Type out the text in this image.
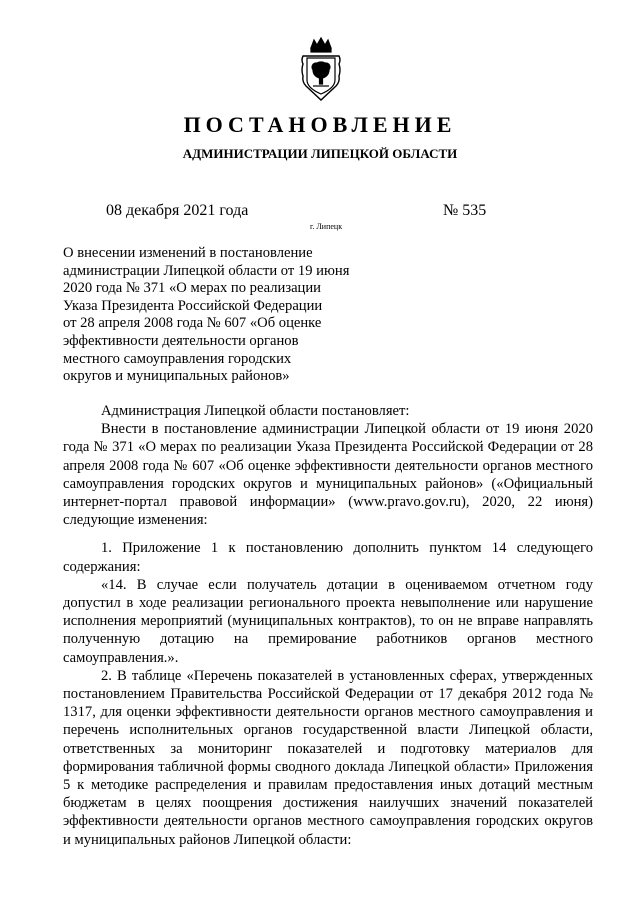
ПОСТАНОВЛЕНИЕ
АДМИНИСТРАЦИИ ЛИПЕЦКОЙ ОБЛАСТИ
08 декабря 2021 года
г. Липецк
№ 535
О внесении изменений в постановление
администрации Липецкой области от 19 июня
2020 года № 371 «О мерах по реализации
Указа Президента Российской Федерации
от 28 апреля 2008 года № 607 «Об оценке
эффективности деятельности органов
местного самоуправления городских
округов и муниципальных районов»

Администрация Липецкой области постановляет:

Внести в постановление администрации Липецкой области от 19 июня 2020 года № 371 «О мерах по реализации Указа Президента Российской Федерации от 28 апреля 2008 года № 607 «Об оценке эффективности деятельности органов местного самоуправления городских округов и муниципальных районов» («Официальный интернет-портал правовой информации» (www.pravo.gov.ru), 2020, 22 июня) следующие изменения:

1. Приложение 1 к постановлению дополнить пунктом 14 следующего содержания:

«14. В случае если получатель дотации в оцениваемом отчетном году допустил в ходе реализации регионального проекта невыполнение или нарушение исполнения мероприятий (муниципальных контрактов), то он не вправе направлять полученную дотацию на премирование работников органов местного самоуправления.».

2. В таблице «Перечень показателей в установленных сферах, утвержденных постановлением Правительства Российской Федерации от 17 декабря 2012 года № 1317, для оценки эффективности деятельности органов местного самоуправления и перечень исполнительных органов государственной власти Липецкой области, ответственных за мониторинг показателей и подготовку материалов для формирования табличной формы сводного доклада Липецкой области» Приложения 5 к методике распределения и правилам предоставления иных дотаций местным бюджетам в целях поощрения достижения наилучших значений показателей эффективности деятельности органов местного самоуправления городских округов и муниципальных районов Липецкой области:
